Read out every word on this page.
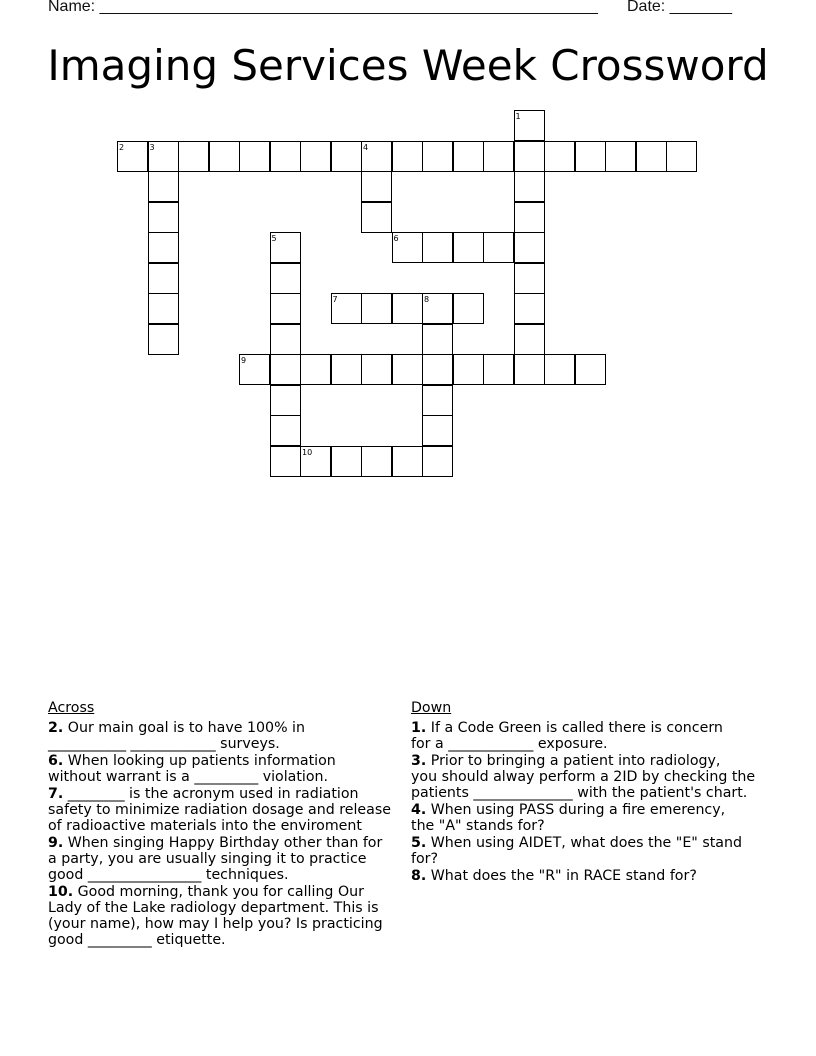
Name: ________________________________________________________ Date: _______
Imaging Services Week Crossword
1
2	3	4
5	6
7	8
9
10
Across
2. Our main goal is to have 100% in
___________ ____________ surveys.
6. When looking up patients information
without warrant is a _________ violation.
7. ________ is the acronym used in radiation
safety to minimize radiation dosage and release
of radioactive materials into the enviroment
9. When singing Happy Birthday other than for
a party, you are usually singing it to practice
good ________________ techniques.
10. Good morning, thank you for calling Our
Lady of the Lake radiology department. This is
(your name), how may I help you? Is practicing
good _________ etiquette.
Down
1. If a Code Green is called there is concern
for a ____________ exposure.
3. Prior to bringing a patient into radiology,
you should alway perform a 2ID by checking the
patients ______________ with the patient's chart.
4. When using PASS during a fire emerency,
the "A" stands for?
5. When using AIDET, what does the "E" stand
for?
8. What does the "R" in RACE stand for?
